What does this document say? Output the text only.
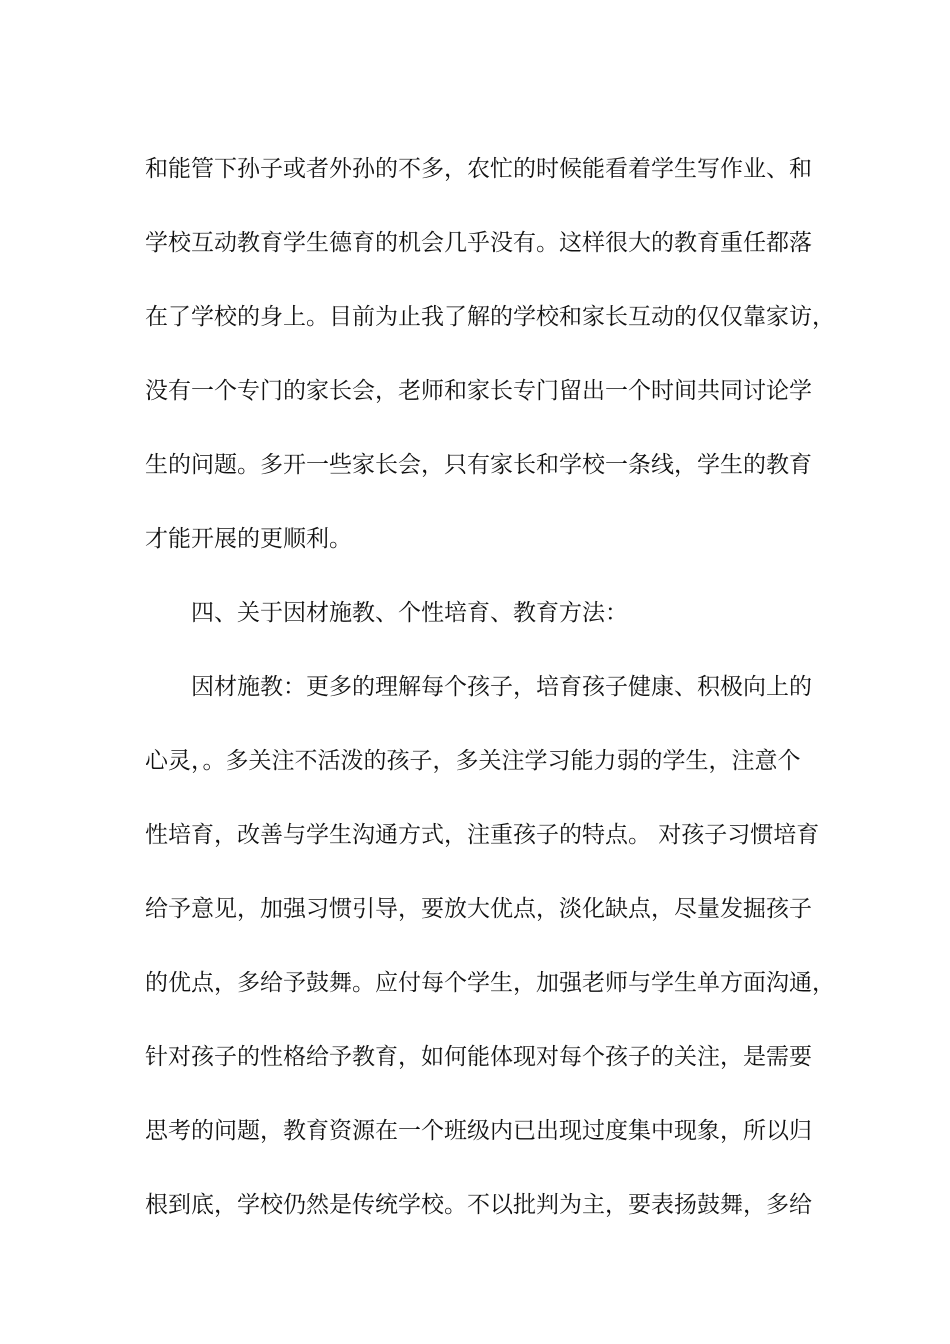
和能管下孙子或者外孙的不多，农忙的时候能看着学生写作业、和
学校互动教育学生德育的机会几乎没有。这样很大的教育重任都落
在了学校的身上。目前为止我了解的学校和家长互动的仅仅靠家访，
没有一个专门的家长会，老师和家长专门留出一个时间共同讨论学
生的问题。多开一些家长会，只有家长和学校一条线，学生的教育
才能开展的更顺利。
四、关于因材施教、个性培育、教育方法：
因材施教：更多的理解每个孩子，培育孩子健康、积极向上的
心灵，。多关注不活泼的孩子，多关注学习能力弱的学生，注意个
性培育，改善与学生沟通方式，注重孩子的特点。 对孩子习惯培育
给予意见，加强习惯引导，要放大优点，淡化缺点，尽量发掘孩子
的优点，多给予鼓舞。应付每个学生，加强老师与学生单方面沟通，
针对孩子的性格给予教育，如何能体现对每个孩子的关注，是需要
思考的问题，教育资源在一个班级内已出现过度集中现象，所以归
根到底，学校仍然是传统学校。不以批判为主，要表扬鼓舞，多给
